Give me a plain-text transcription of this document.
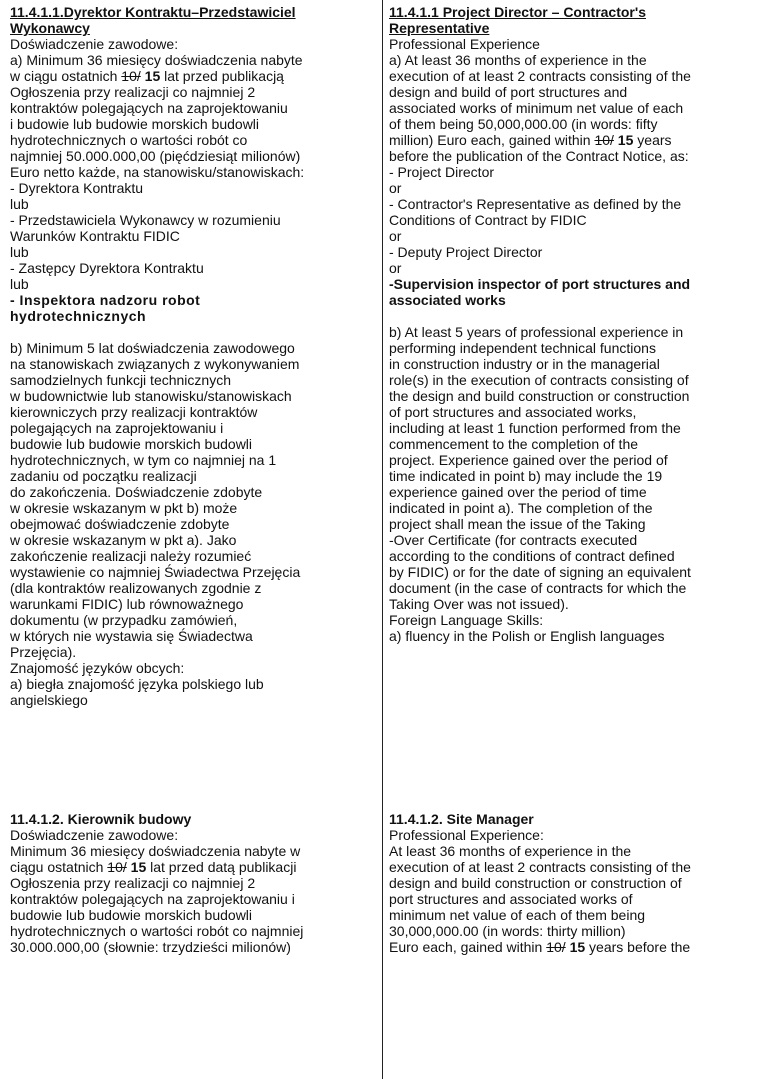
11.4.1.1.Dyrektor Kontraktu–Przedstawiciel
Wykonawcy
Doświadczenie zawodowe:
a) Minimum 36 miesięcy doświadczenia nabyte
w ciągu ostatnich 10/ 15 lat przed publikacją
Ogłoszenia przy realizacji co najmniej 2
kontraktów polegających na zaprojektowaniu
i budowie lub budowie morskich budowli
hydrotechnicznych o wartości robót co
najmniej 50.000.000,00 (pięćdziesiąt milionów)
Euro netto każde, na stanowisku/stanowiskach:
- Dyrektora Kontraktu
lub
- Przedstawiciela Wykonawcy w rozumieniu
Warunków Kontraktu FIDIC
lub
- Zastępcy Dyrektora Kontraktu
lub
- Inspektora nadzoru robot
hydrotechnicznych
b) Minimum 5 lat doświadczenia zawodowego
na stanowiskach związanych z wykonywaniem
samodzielnych funkcji technicznych
w budownictwie lub stanowisku/stanowiskach
kierowniczych przy realizacji kontraktów
polegających na zaprojektowaniu i
budowie lub budowie morskich budowli
hydrotechnicznych, w tym co najmniej na 1
zadaniu od początku realizacji
do zakończenia. Doświadczenie zdobyte
w okresie wskazanym w pkt b) może
obejmować doświadczenie zdobyte
w okresie wskazanym w pkt a). Jako
zakończenie realizacji należy rozumieć
wystawienie co najmniej Świadectwa Przejęcia
(dla kontraktów realizowanych zgodnie z
warunkami FIDIC) lub równoważnego
dokumentu (w przypadku zamówień,
w których nie wystawia się Świadectwa
Przejęcia).
Znajomość języków obcych:
a) biegła znajomość języka polskiego lub
angielskiego
11.4.1.1 Project Director – Contractor's
Representative
Professional Experience
a) At least 36 months of experience in the
execution of at least 2 contracts consisting of the
design and build of port structures and
associated works of minimum net value of each
of them being 50,000,000.00 (in words: fifty
million) Euro each, gained within 10/ 15 years
before the publication of the Contract Notice, as:
- Project Director
or
- Contractor's Representative as defined by the
Conditions of Contract by FIDIC
or
- Deputy Project Director
or
-Supervision inspector of port structures and
associated works
b) At least 5 years of professional experience in
performing independent technical functions
in construction industry or in the managerial
role(s) in the execution of contracts consisting of
the design and build construction or construction
of port structures and associated works,
including at least 1 function performed from the
commencement to the completion of the
project. Experience gained over the period of
time indicated in point b) may include the 19
experience gained over the period of time
indicated in point a). The completion of the
project shall mean the issue of the Taking
-Over Certificate (for contracts executed
according to the conditions of contract defined
by FIDIC) or for the date of signing an equivalent
document (in the case of contracts for which the
Taking Over was not issued).
Foreign Language Skills:
a) fluency in the Polish or English languages
11.4.1.2. Kierownik budowy
Doświadczenie zawodowe:
Minimum 36 miesięcy doświadczenia nabyte w
ciągu ostatnich 10/ 15 lat przed datą publikacji
Ogłoszenia przy realizacji co najmniej 2
kontraktów polegających na zaprojektowaniu i
budowie lub budowie morskich budowli
hydrotechnicznych o wartości robót co najmniej
30.000.000,00 (słownie: trzydzieści milionów)
11.4.1.2. Site Manager
Professional Experience:
At least 36 months of experience in the
execution of at least 2 contracts consisting of the
design and build construction or construction of
port structures and associated works of
minimum net value of each of them being
30,000,000.00 (in words: thirty million)
Euro each, gained within 10/ 15 years before the
